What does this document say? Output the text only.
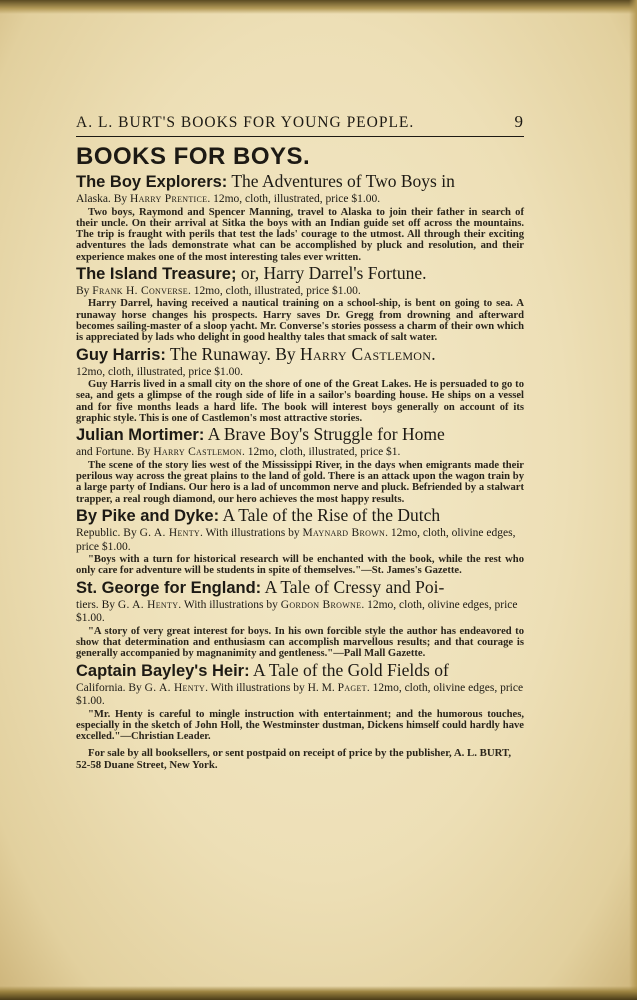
A. L. BURT'S BOOKS FOR YOUNG PEOPLE.	9
BOOKS FOR BOYS.
The Boy Explorers: The Adventures of Two Boys in
Alaska. By Harry Prentice. 12mo, cloth, illustrated, price $1.00.

Two boys, Raymond and Spencer Manning, travel to Alaska to join their father in search of their uncle. On their arrival at Sitka the boys with an Indian guide set off across the mountains. The trip is fraught with perils that test the lads' courage to the utmost. All through their exciting adventures the lads demonstrate what can be accomplished by pluck and resolution, and their experience makes one of the most interesting tales ever written.

The Island Treasure; or, Harry Darrel's Fortune.
By Frank H. Converse. 12mo, cloth, illustrated, price $1.00.

Harry Darrel, having received a nautical training on a school-ship, is bent on going to sea. A runaway horse changes his prospects. Harry saves Dr. Gregg from drowning and afterward becomes sailing-master of a sloop yacht. Mr. Converse's stories possess a charm of their own which is appreciated by lads who delight in good healthy tales that smack of salt water.

Guy Harris: The Runaway. By Harry Castlemon.
12mo, cloth, illustrated, price $1.00.

Guy Harris lived in a small city on the shore of one of the Great Lakes. He is persuaded to go to sea, and gets a glimpse of the rough side of life in a sailor's boarding house. He ships on a vessel and for five months leads a hard life. The book will interest boys generally on account of its graphic style. This is one of Castlemon's most attractive stories.

Julian Mortimer: A Brave Boy's Struggle for Home
and Fortune. By Harry Castlemon. 12mo, cloth, illustrated, price $1.

The scene of the story lies west of the Mississippi River, in the days when emigrants made their perilous way across the great plains to the land of gold. There is an attack upon the wagon train by a large party of Indians. Our hero is a lad of uncommon nerve and pluck. Befriended by a stalwart trapper, a real rough diamond, our hero achieves the most happy results.

By Pike and Dyke: A Tale of the Rise of the Dutch
Republic. By G. A. Henty. With illustrations by Maynard Brown. 12mo, cloth, olivine edges, price $1.00.

"Boys with a turn for historical research will be enchanted with the book, while the rest who only care for adventure will be students in spite of themselves."—St. James's Gazette.

St. George for England: A Tale of Cressy and Poi-
tiers. By G. A. Henty. With illustrations by Gordon Browne. 12mo, cloth, olivine edges, price $1.00.

"A story of very great interest for boys. In his own forcible style the author has endeavored to show that determination and enthusiasm can accomplish marvellous results; and that courage is generally accompanied by magnanimity and gentleness."—Pall Mall Gazette.

Captain Bayley's Heir: A Tale of the Gold Fields of
California. By G. A. Henty. With illustrations by H. M. Paget. 12mo, cloth, olivine edges, price $1.00.

"Mr. Henty is careful to mingle instruction with entertainment; and the humorous touches, especially in the sketch of John Holl, the Westminster dustman, Dickens himself could hardly have excelled."—Christian Leader.

For sale by all booksellers, or sent postpaid on receipt of price by the publisher, A. L. BURT, 52-58 Duane Street, New York.
